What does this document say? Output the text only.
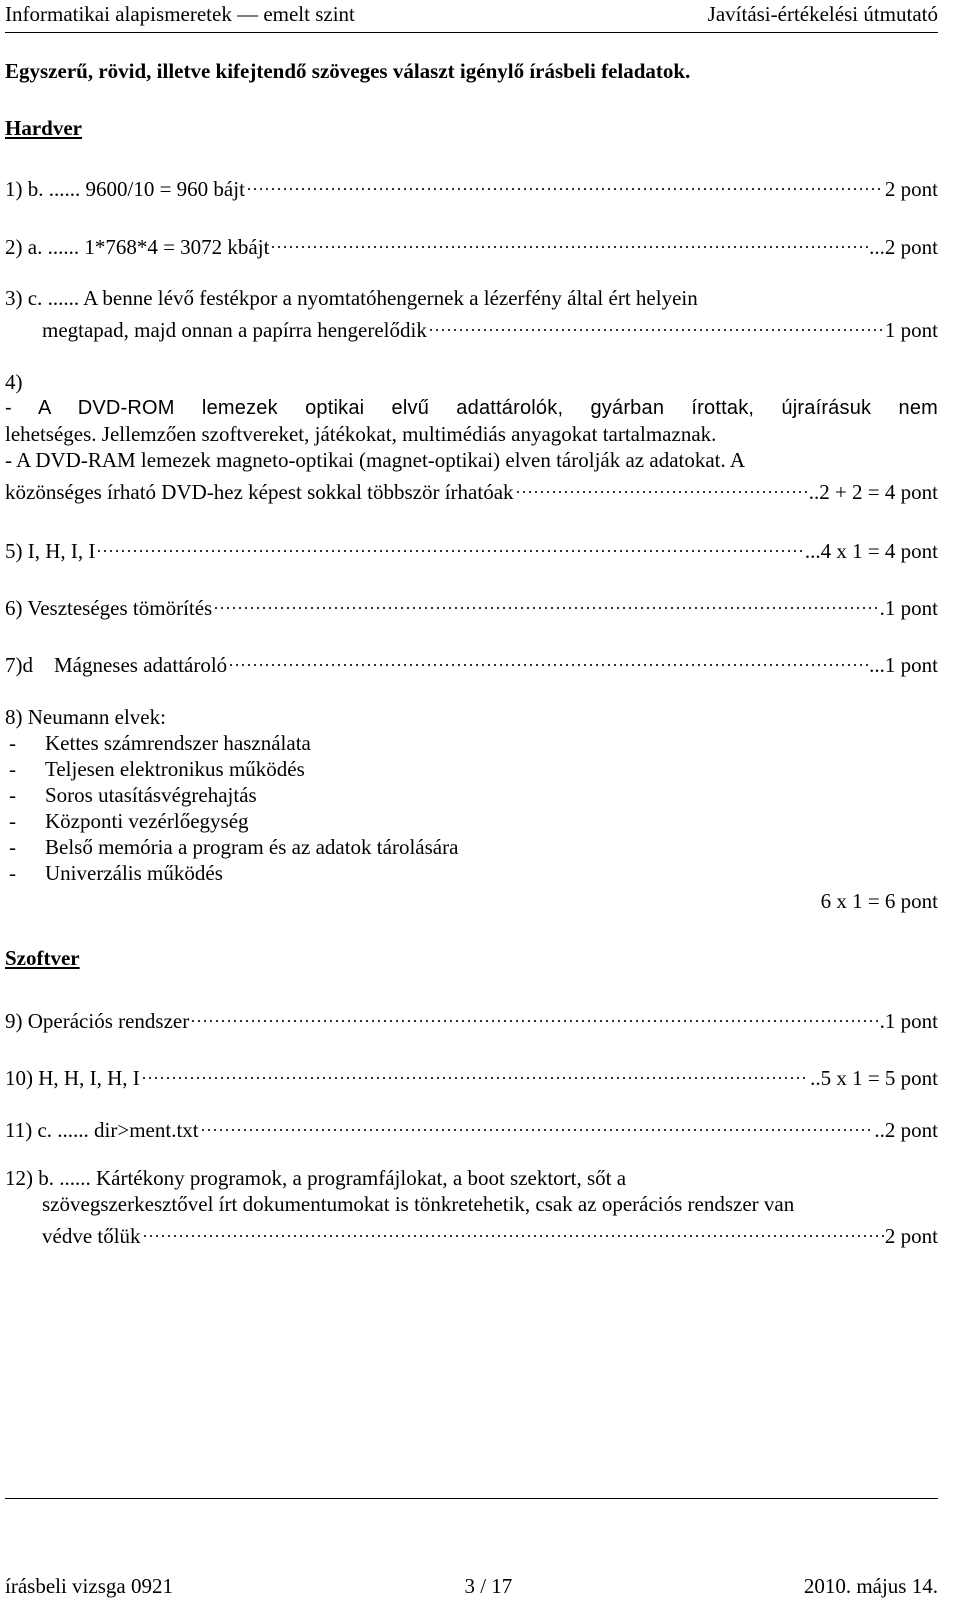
Informatikai alapismeretek — emelt szint	Javítási-értékelési útmutató
Egyszerű, rövid, illetve kifejtendő szöveges választ igénylő írásbeli feladatok.
Hardver
1) b. ...... 9600/10 = 960 bájt	2 pont
2) a. ...... 1*768*4 = 3072 kbájt	...2 pont
3) c. ...... A benne lévő festékpor a nyomtatóhengernek a lézerfény által ért helyein
megtapad, majd onnan a papírra hengerelődik	1 pont
4)
- A DVD-ROM lemezek optikai elvű adattárolók, gyárban írottak, újraírásuk nem
lehetséges. Jellemzően szoftvereket, játékokat, multimédiás anyagokat tartalmaznak.
- A DVD-RAM lemezek magneto-optikai (magnet-optikai) elven tárolják az adatokat. A
közönséges írható DVD-hez képest sokkal többször írhatóak	..2 + 2 = 4 pont
5) I, H, I, I	...4 x 1 = 4 pont
6) Veszteséges tömörítés	.1 pont
7)d    Mágneses adattároló	...1 pont
8) Neumann elvek:
- Kettes számrendszer használata
- Teljesen elektronikus működés
- Soros utasításvégrehajtás
- Központi vezérlőegység
- Belső memória a program és az adatok tárolására
- Univerzális működés
6 x 1 = 6 pont
Szoftver
9) Operációs rendszer	.1 pont
10) H, H, I, H, I	..5 x 1 = 5 pont
11) c. ...... dir>ment.txt	..2 pont
12) b. ...... Kártékony programok, a programfájlokat, a boot szektort, sőt a
szövegszerkesztővel írt dokumentumokat is tönkretehetik, csak az operációs rendszer van
védve tőlük	2 pont
írásbeli vizsga 0921	3 / 17	2010. május 14.
